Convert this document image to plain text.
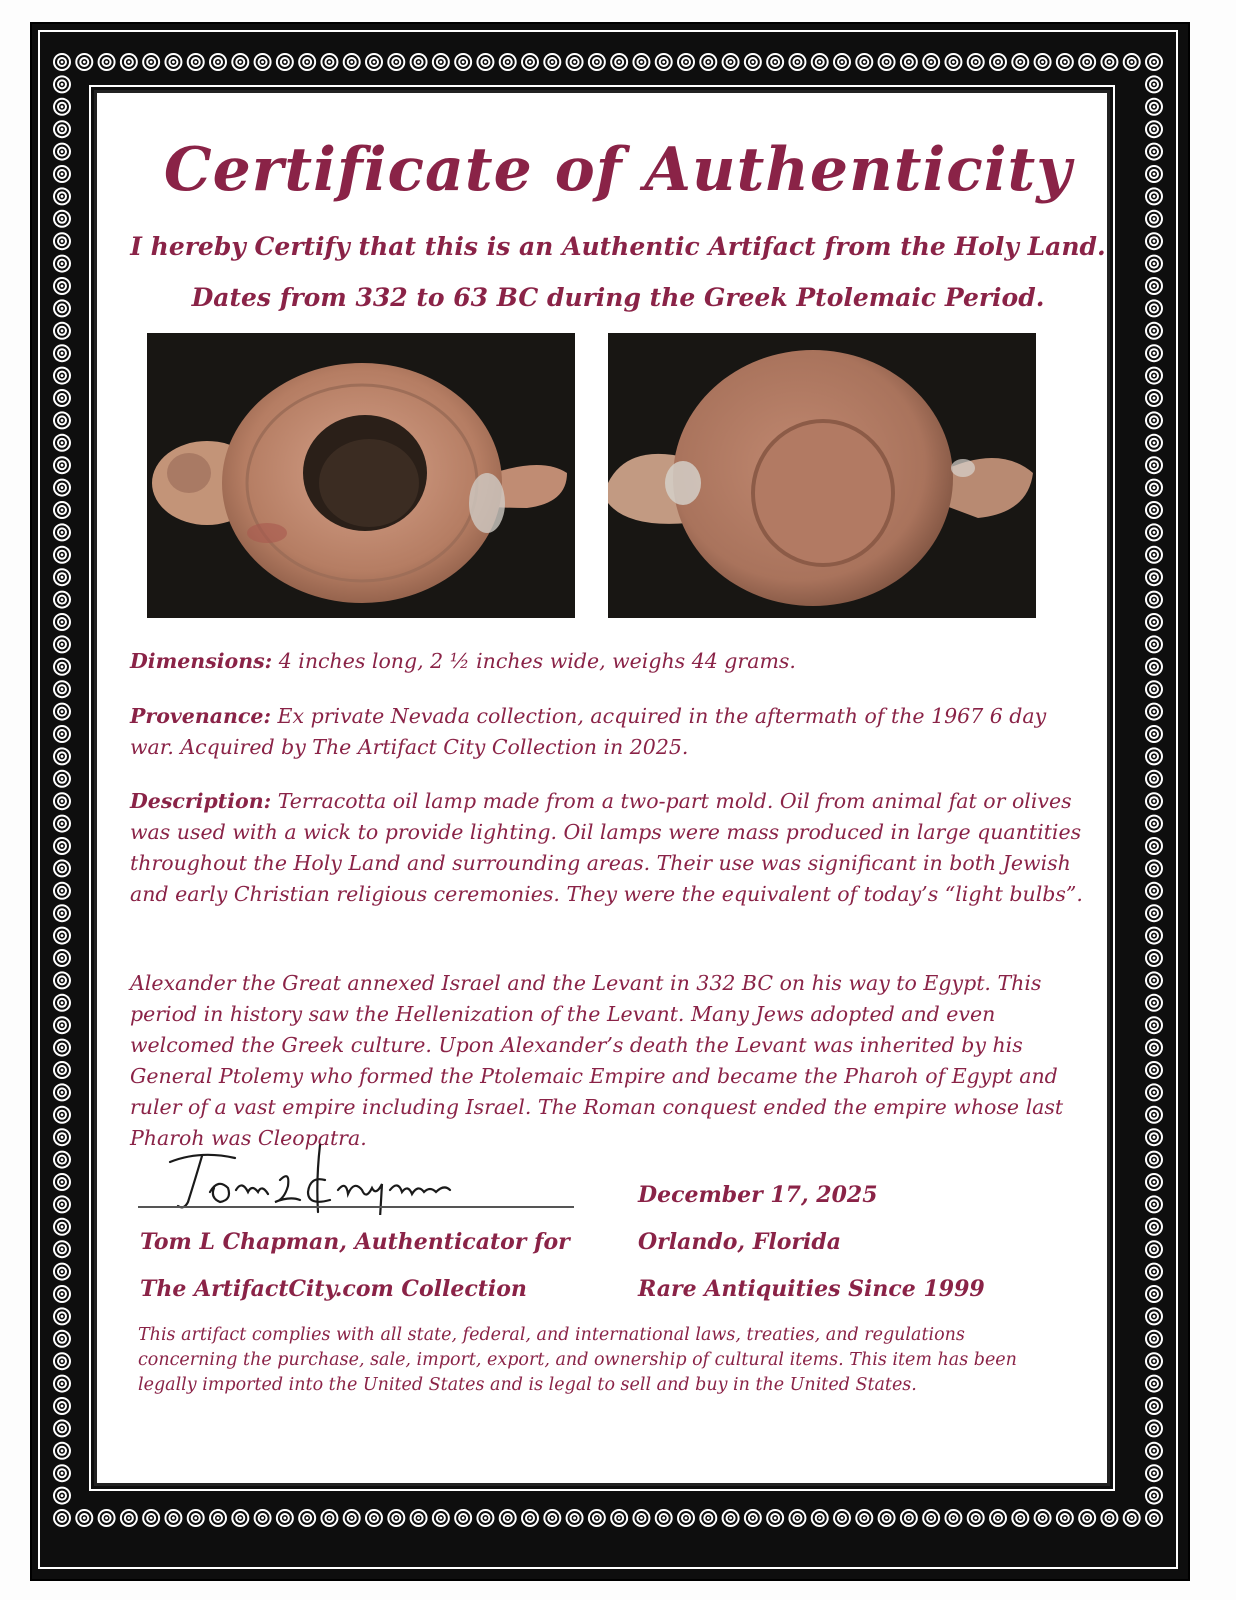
Certificate of Authenticity
I hereby Certify that this is an Authentic Artifact from the Holy Land.
Dates from 332 to 63 BC during the Greek Ptolemaic Period.
Dimensions: 4 inches long, 2 ½ inches wide, weighs 44 grams.
Provenance: Ex private Nevada collection, acquired in the aftermath of the 1967 6 day war. Acquired by The Artifact City Collection in 2025.
Description: Terracotta oil lamp made from a two-part mold. Oil from animal fat or olives was used with a wick to provide lighting. Oil lamps were mass produced in large quantities throughout the Holy Land and surrounding areas. Their use was significant in both Jewish and early Christian religious ceremonies. They were the equivalent of today’s “light bulbs”.
Alexander the Great annexed Israel and the Levant in 332 BC on his way to Egypt. This period in history saw the Hellenization of the Levant. Many Jews adopted and even welcomed the Greek culture. Upon Alexander’s death the Levant was inherited by his General Ptolemy who formed the Ptolemaic Empire and became the Pharoh of Egypt and ruler of a vast empire including Israel. The Roman conquest ended the empire whose last Pharoh was Cleopatra.
Tom L Chapman, Authenticator for
The ArtifactCity.com Collection
December 17, 2025
Orlando, Florida
Rare Antiquities Since 1999
This artifact complies with all state, federal, and international laws, treaties, and regulations concerning the purchase, sale, import, export, and ownership of cultural items. This item has been legally imported into the United States and is legal to sell and buy in the United States.
